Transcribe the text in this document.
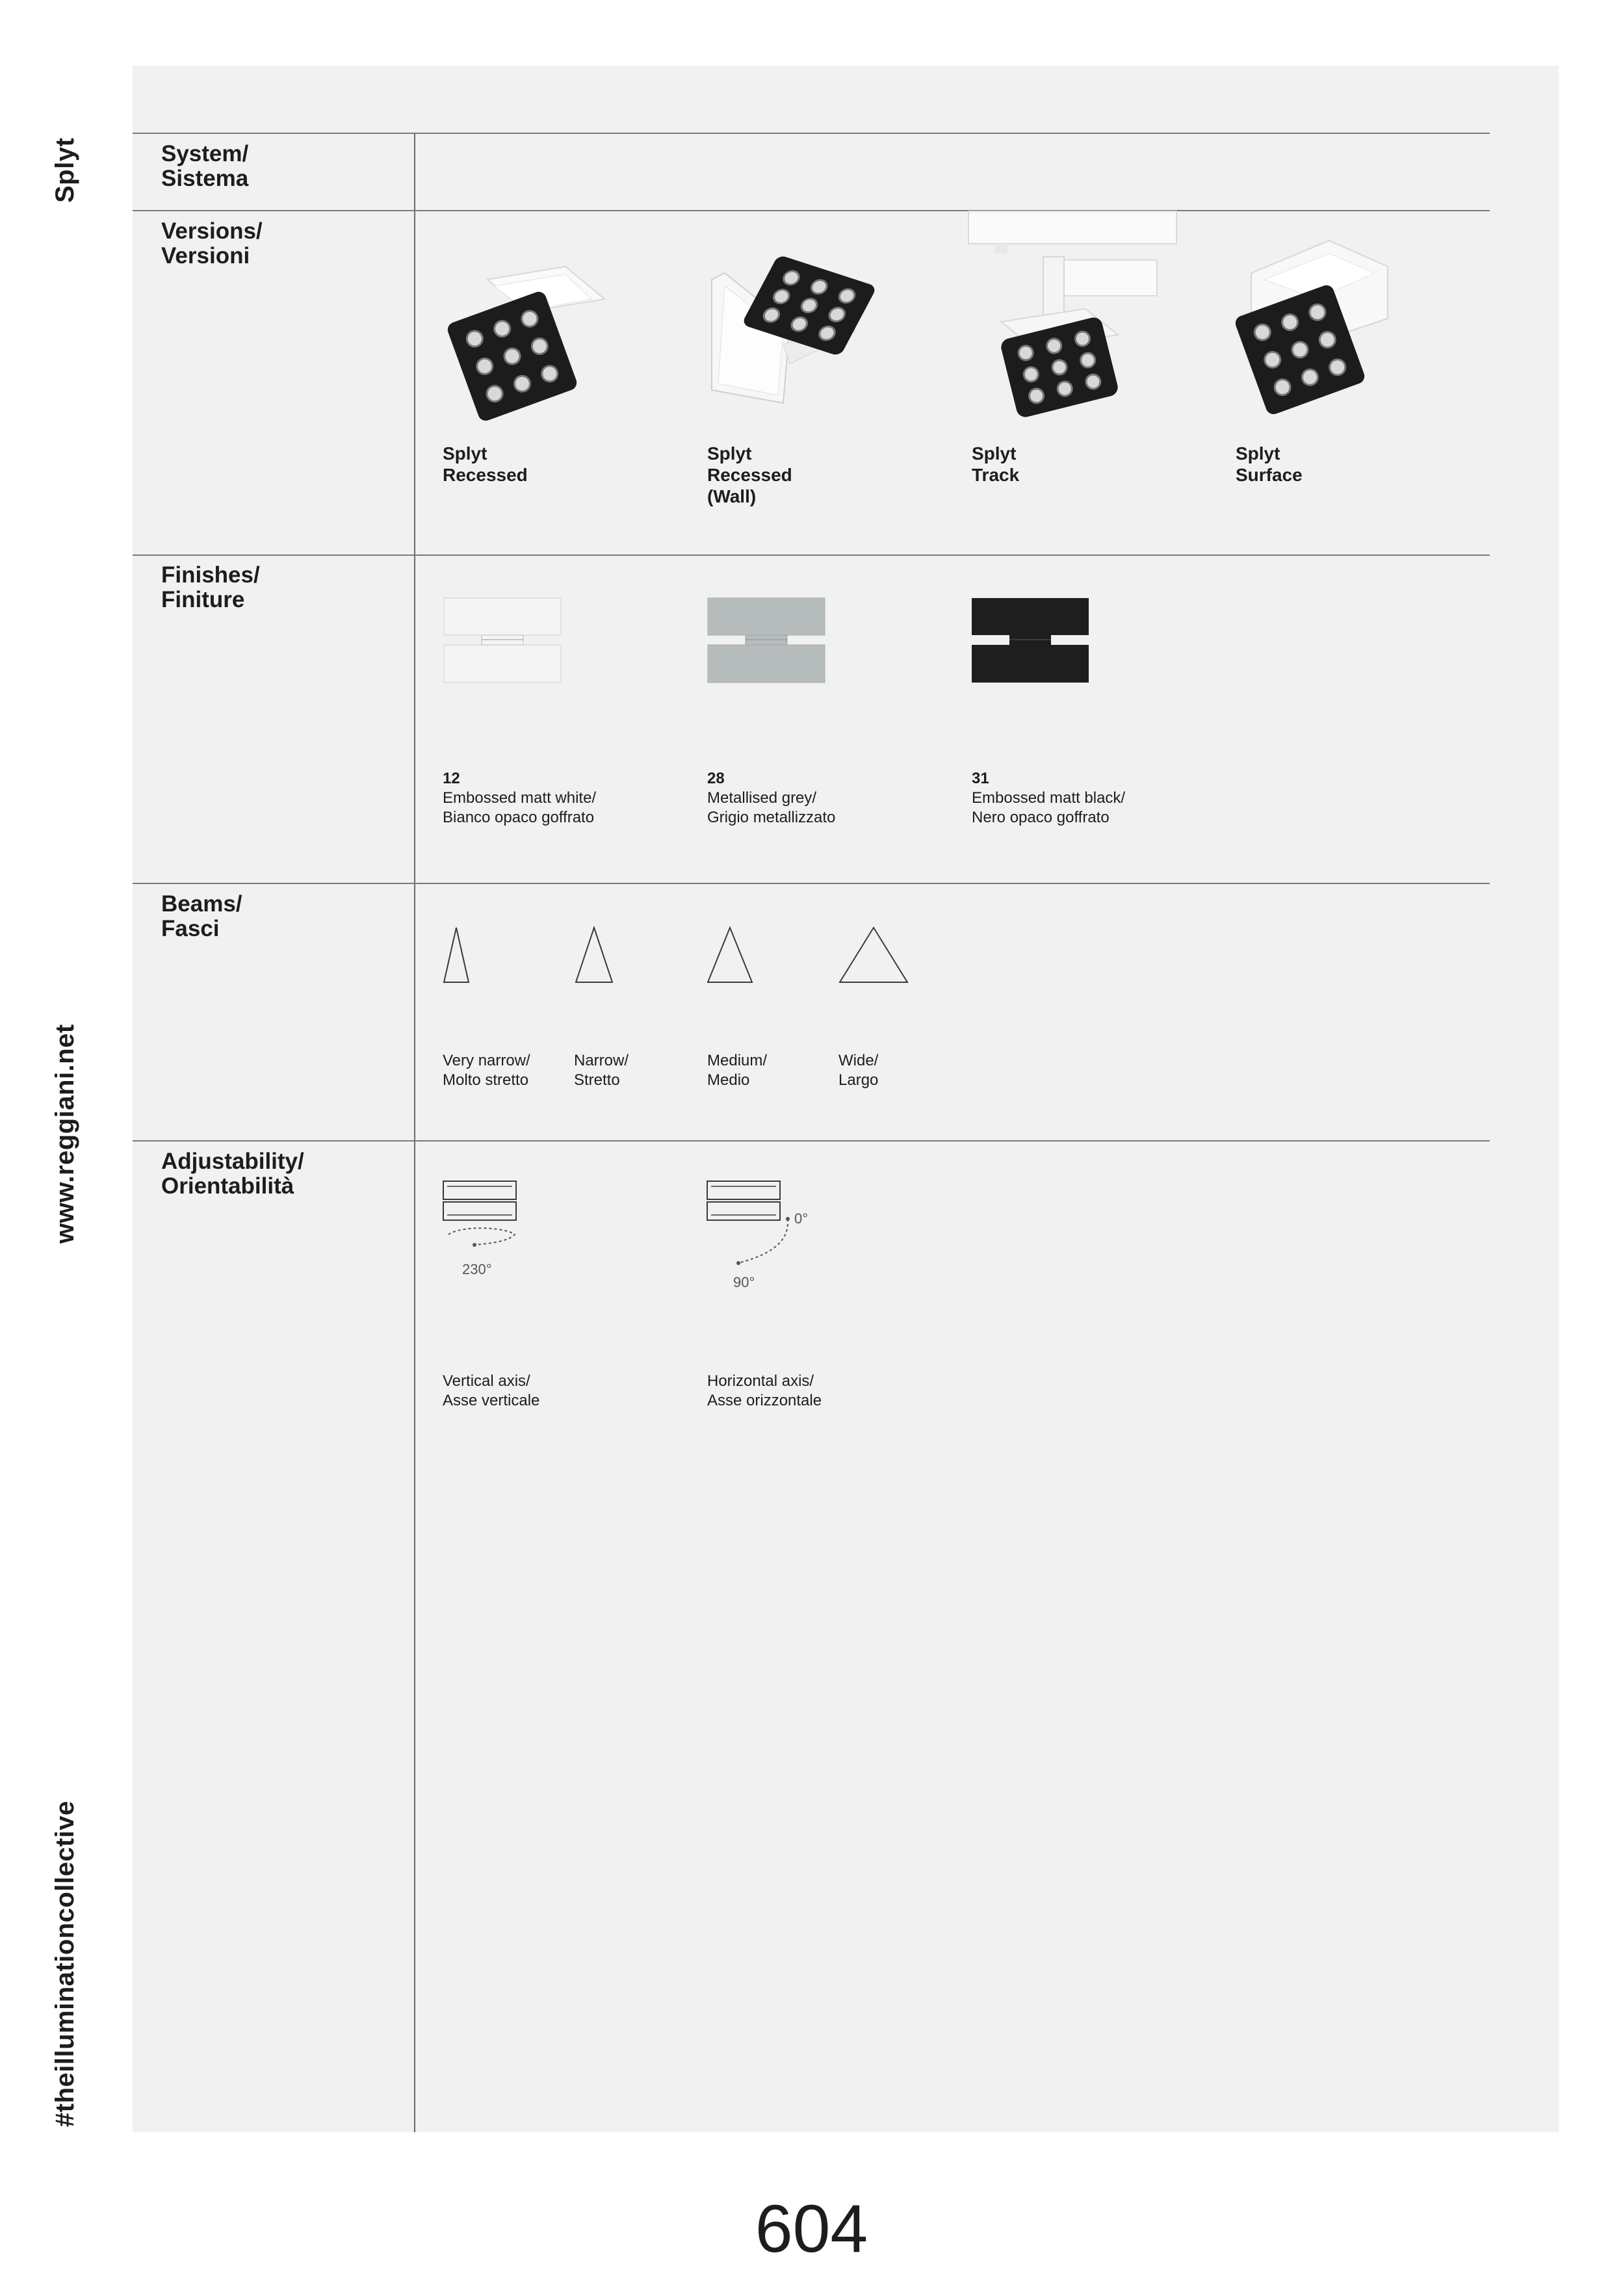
Splyt
www.reggiani.net
#theilluminationcollective
System/
Sistema
Versions/
Versioni
Finishes/
Finiture
Beams/
Fasci
Adjustability/
Orientabilità
Splyt
Recessed
Splyt
Recessed
(Wall)
Splyt
Track
Splyt
Surface
12
Embossed matt white/
Bianco opaco goffrato
28
Metallised grey/
Grigio metallizzato
31
Embossed matt black/
Nero opaco goffrato
Very narrow/
Molto stretto
Narrow/
Stretto
Medium/
Medio
Wide/
Largo
230°
0°
90°
Vertical axis/
Asse verticale
Horizontal axis/
Asse orizzontale
604
